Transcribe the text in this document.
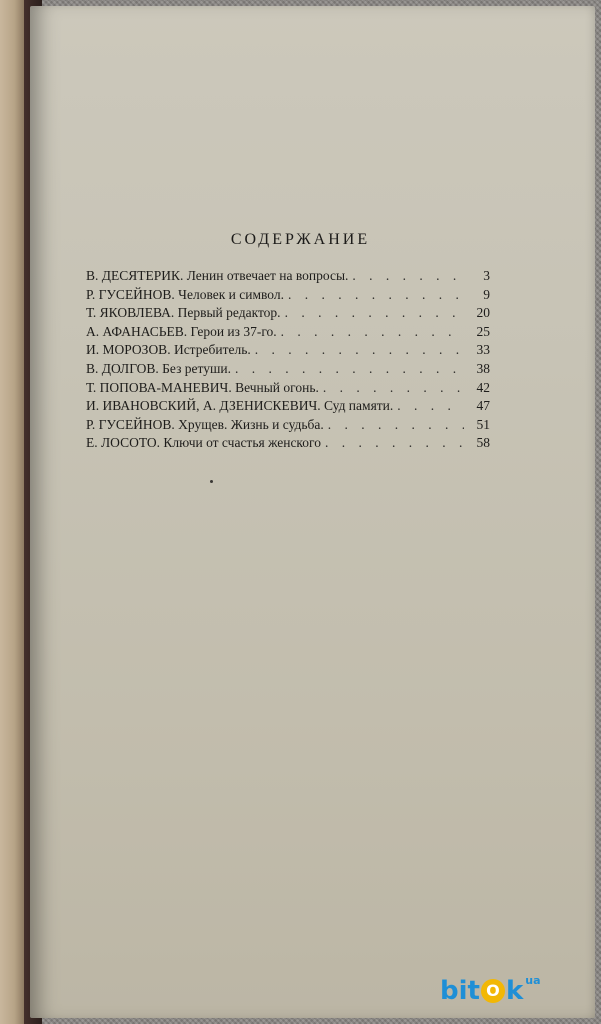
СОДЕРЖАНИЕ
В. ДЕСЯТЕРИК. Ленин отвечает на вопросы. . . .	3
Р. ГУСЕЙНОВ. Человек и символ. . . .	9
Т. ЯКОВЛЕВА. Первый редактор. . . .	20
А. АФАНАСЬЕВ. Герои из 37-го. . . .	25
И. МОРОЗОВ. Истребитель. . . .	33
В. ДОЛГОВ. Без ретуши. . . .	38
Т. ПОПОВА-МАНЕВИЧ. Вечный огонь. . . .	42
И. ИВАНОВСКИЙ, А. ДЗЕНИСКЕВИЧ. Суд памяти. . . .	47
Р. ГУСЕЙНОВ. Хрущев. Жизнь и судьба. . . .	51
Е. ЛОСОТО. Ключи от счастья женского . . .	58
bit O k ua
